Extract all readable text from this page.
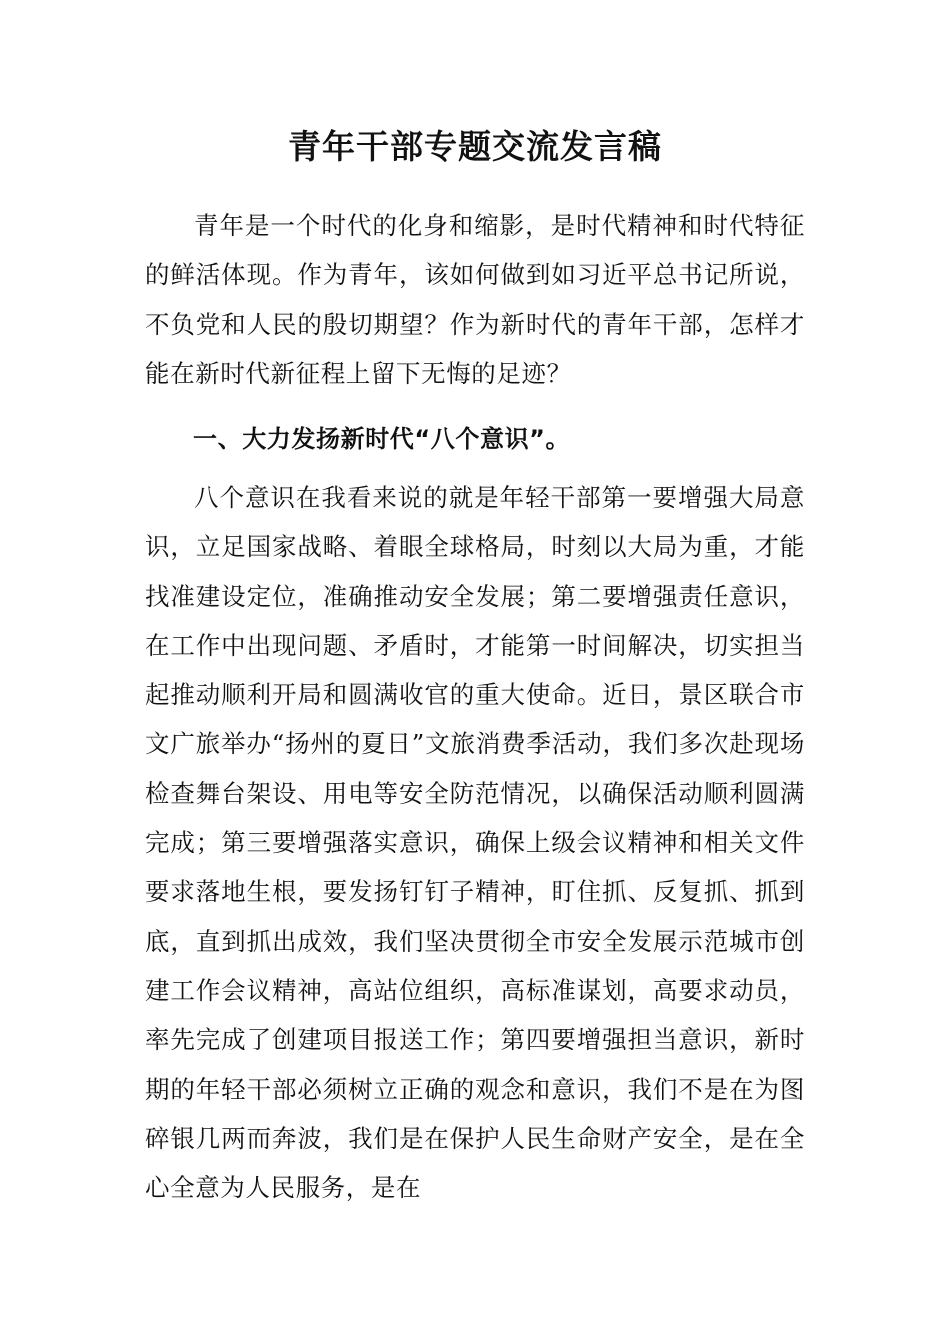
青年干部专题交流发言稿

青年是一个时代的化身和缩影，是时代精神和时代特征的鲜活体现。作为青年，该如何做到如习近平总书记所说，不负党和人民的殷切期望？作为新时代的青年干部，怎样才能在新时代新征程上留下无悔的足迹？

一、大力发扬新时代“八个意识”。

八个意识在我看来说的就是年轻干部第一要增强大局意识，立足国家战略、着眼全球格局，时刻以大局为重，才能找准建设定位，准确推动安全发展；第二要增强责任意识，在工作中出现问题、矛盾时，才能第一时间解决，切实担当起推动顺利开局和圆满收官的重大使命。近日，景区联合市文广旅举办“扬州的夏日”文旅消费季活动，我们多次赴现场检查舞台架设、用电等安全防范情况，以确保活动顺利圆满完成；第三要增强落实意识，确保上级会议精神和相关文件要求落地生根，要发扬钉钉子精神，盯住抓、反复抓、抓到底，直到抓出成效，我们坚决贯彻全市安全发展示范城市创建工作会议精神，高站位组织，高标准谋划，高要求动员，率先完成了创建项目报送工作；第四要增强担当意识，新时期的年轻干部必须树立正确的观念和意识，我们不是在为图碎银几两而奔波，我们是在保护人民生命财产安全，是在全心全意为人民服务，是在
